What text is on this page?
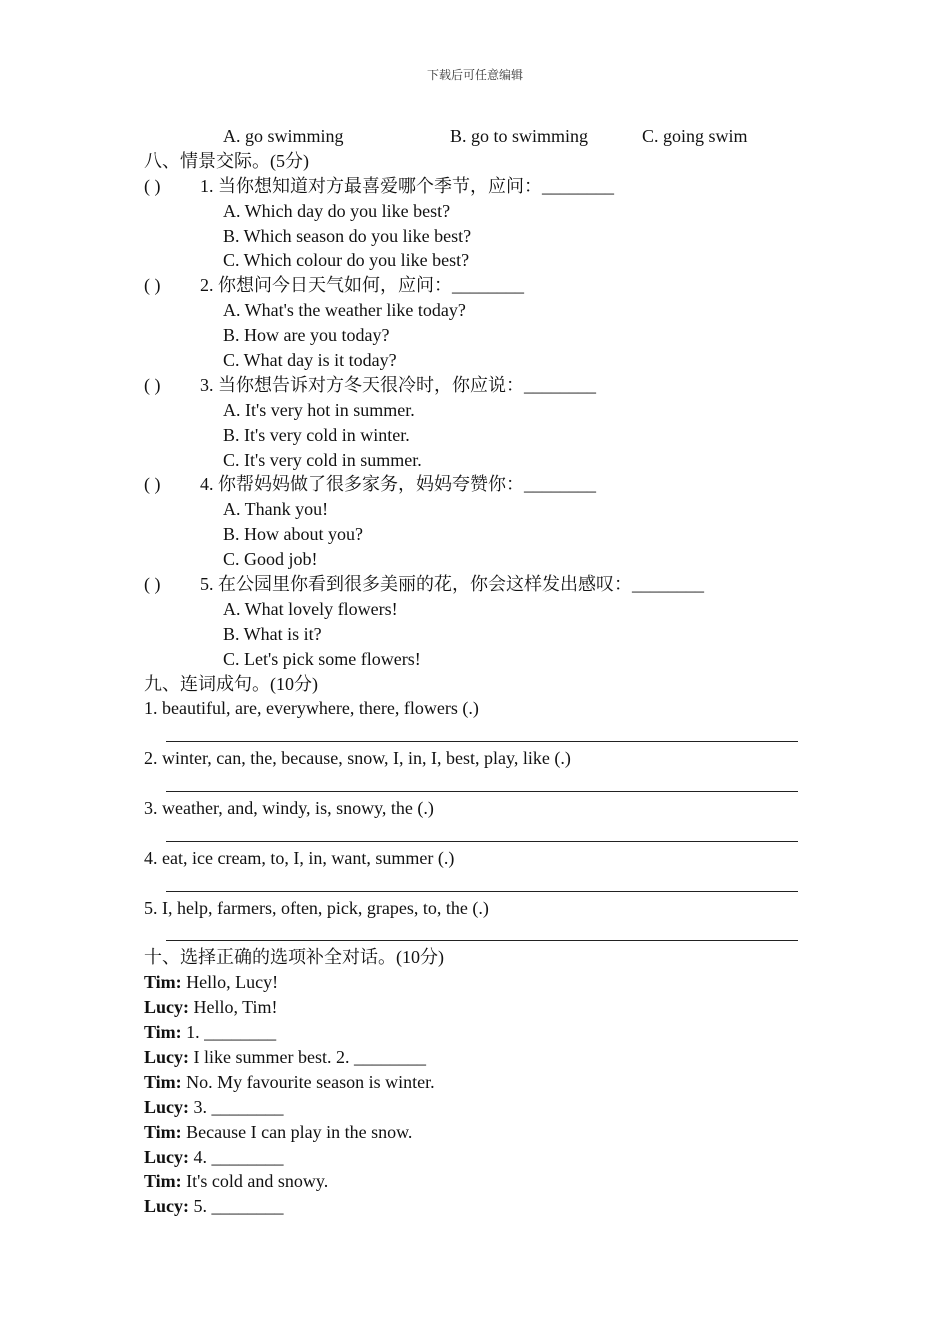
下载后可任意编辑
A. go swimming	B. go to swimming	C. going swim
八、情景交际。(5分)
( ) 1. 当你想知道对方最喜爱哪个季节，应问：________
A. Which day do you like best?
B. Which season do you like best?
C. Which colour do you like best?
( ) 2. 你想问今日天气如何，应问：________
A. What's the weather like today?
B. How are you today?
C. What day is it today?
( ) 3. 当你想告诉对方冬天很冷时，你应说：________
A. It's very hot in summer.
B. It's very cold in winter.
C. It's very cold in summer.
( ) 4. 你帮妈妈做了很多家务，妈妈夸赞你：________
A. Thank you!
B. How about you?
C. Good job!
( ) 5. 在公园里你看到很多美丽的花，你会这样发出感叹：________
A. What lovely flowers!
B. What is it?
C. Let's pick some flowers!
九、连词成句。(10分)
1. beautiful, are, everywhere, there, flowers (.)
2. winter, can, the, because, snow, I, in, I, best, play, like (.)
3. weather, and, windy, is, snowy, the (.)
4. eat, ice cream, to, I, in, want, summer (.)
5. I, help, farmers, often, pick, grapes, to, the (.)
十、选择正确的选项补全对话。(10分)
Tim: Hello, Lucy!
Lucy: Hello, Tim!
Tim: 1. ________
Lucy: I like summer best. 2. ________
Tim: No. My favourite season is winter.
Lucy: 3. ________
Tim: Because I can play in the snow.
Lucy: 4. ________
Tim: It's cold and snowy.
Lucy: 5. ________
